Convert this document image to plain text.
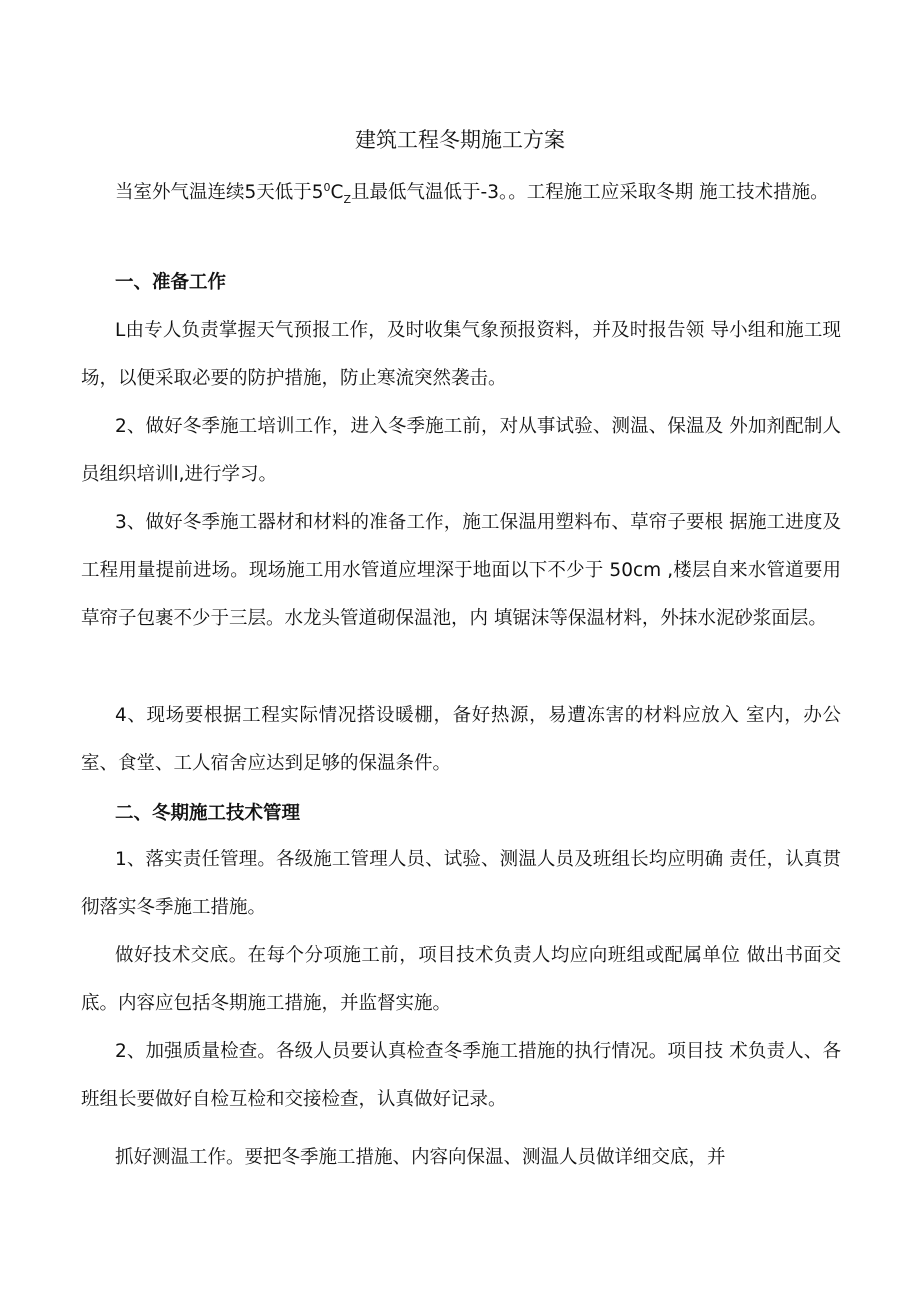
建筑工程冬期施工方案

当室外气温连续5天低于$5^0C_Z$且最低气温低于-3。。工程施工应采取冬期 施工技术措施。

一、准备工作

L由专人负责掌握天气预报工作，及时收集气象预报资料，并及时报告领 导小组和施工现场，以便采取必要的防护措施，防止寒流突然袭击。

2、做好冬季施工培训工作，进入冬季施工前，对从事试验、测温、保温及 外加剂配制人员组织培训l,进行学习。

3、做好冬季施工器材和材料的准备工作，施工保温用塑料布、草帘子要根 据施工进度及工程用量提前进场。现场施工用水管道应埋深于地面以下不少于 50cm ,楼层自来水管道要用草帘子包裹不少于三层。水龙头管道砌保温池，内 填锯沫等保温材料，外抹水泥砂浆面层。

4、现场要根据工程实际情况搭设暖棚，备好热源，易遭冻害的材料应放入 室内，办公室、食堂、工人宿舍应达到足够的保温条件。

二、冬期施工技术管理

1、落实责任管理。各级施工管理人员、试验、测温人员及班组长均应明确 责任，认真贯彻落实冬季施工措施。

做好技术交底。在每个分项施工前，项目技术负责人均应向班组或配属单位 做出书面交底。内容应包括冬期施工措施，并监督实施。

2、加强质量检查。各级人员要认真检查冬季施工措施的执行情况。项目技 术负责人、各班组长要做好自检互检和交接检查，认真做好记录。

抓好测温工作。要把冬季施工措施、内容向保温、测温人员做详细交底，并
